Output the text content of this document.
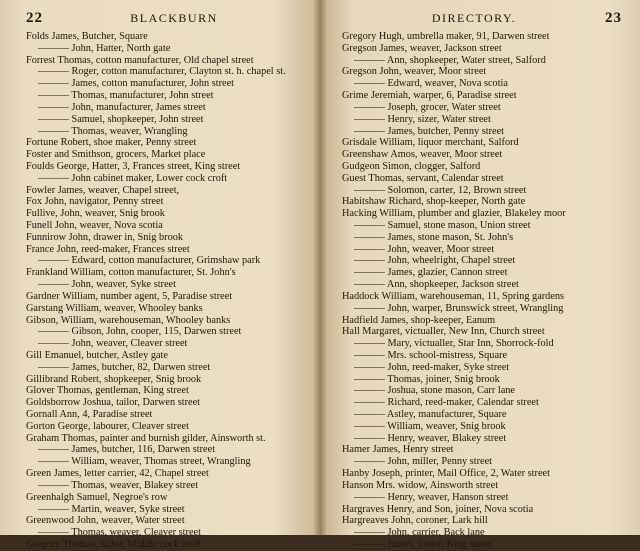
22	BLACKBURN
Folds James, Butcher, Square
——— John, Hatter, North gate
Forrest Thomas, cotton manufacturer, Old chapel street
——— Roger, cotton manufacturer, Clayton st. h. chapel st.
——— James, cotton manufacturer, John street
——— Thomas, manufacturer, John street
——— John, manufacturer, James street
——— Samuel, shopkeeper, John street
——— Thomas, weaver, Wrangling
Fortune Robert, shoe maker, Penny street
Foster and Smithson, grocers, Market place
Foulds George, Hatter, 3, Frances street, King street
——— John cabinet maker, Lower cock croft
Fowler James, weaver, Chapel street,
Fox John, navigator, Penny street
Fullive, John, weaver, Snig brook
Funell John, weaver, Nova scotia
Funnirow John, drawer in, Snig brook
France John, reed-maker, Frances street
——— Edward, cotton manufacturer, Grimshaw park
Frankland William, cotton manufacturer, St. John's
——— John, weaver, Syke street
Gardner William, number agent, 5, Paradise street
Garstang William, weaver, Whooley banks
Gibson, William, warehouseman, Whooley banks
——— Gibson, John, cooper, 115, Darwen street
——— John, weaver, Cleaver street
Gill Emanuel, butcher, Astley gate
——— James, butcher, 82, Darwen street
Gillibrand Robert, shopkeeper, Snig brook
Glover Thomas, gentleman, King street
Goldsborrow Joshua, tailor, Darwen street
Gornall Ann, 4, Paradise street
Gorton George, labourer, Cleaver street
Graham Thomas, painter and burnish gilder, Ainsworth st.
——— James, butcher, 116, Darwen street
——— William, weaver, Thomas street, Wrangling
Green James, letter carrier, 42, Chapel street
——— Thomas, weaver, Blakey street
Greenhalgh Samuel, Negroe's row
——— Martin, weaver, Syke street
Greenwood John, weaver, Water street
——— Thomas, weaver, Cleaver street
Gregory Thomas, tailor, Middle cock croft
DIRECTORY.	23
Gregory Hugh, umbrella maker, 91, Darwen street
Gregson James, weaver, Jackson street
——— Ann, shopkeeper, Water street, Salford
Gregson John, weaver, Moor street
——— Edward, weaver, Nova scotia
Grime Jeremiah, warper, 6, Paradise street
——— Joseph, grocer, Water street
——— Henry, sizer, Water street
——— James, butcher, Penny street
Grisdale William, liquor merchant, Salford
Greenshaw Amos, weaver, Moor street
Gudgeon Simon, clogger, Salford
Guest Thomas, servant, Calendar street
——— Solomon, carter, 12, Brown street
Habitshaw Richard, shop-keeper, North gate
Hacking William, plumber and glazier, Blakeley moor
——— Samuel, stone mason, Union street
——— James, stone mason, St. John's
——— John, weaver, Moor street
——— John, wheelright, Chapel street
——— James, glazier, Cannon street
——— Ann, shopkeeper, Jackson street
Haddock William, warehouseman, 11, Spring gardens
——— John, warper, Brunswick street, Wrangling
Hadfield James, shop-keeper, Eanum
Hall Margaret, victualler, New Inn, Church street
——— Mary, victualler, Star Inn, Shorrock-fold
——— Mrs. school-mistress, Square
——— John, reed-maker, Syke street
——— Thomas, joiner, Snig brook
——— Joshua, stone mason, Carr lane
——— Richard, reed-maker, Calendar street
——— Astley, manufacturer, Square
——— William, weaver, Snig brook
——— Henry, weaver, Blakey street
Hamer James, Henry street
——— John, miller, Penny street
Hanby Joseph, printer, Mail Office, 2, Water street
Hanson Mrs. widow, Ainsworth street
——— Henry, weaver, Hanson street
Hargraves Henry, and Son, joiner, Nova scotia
Hargreaves John, coroner, Lark hill
——— John, carrier, Back lane
——— James, joiner, King street
